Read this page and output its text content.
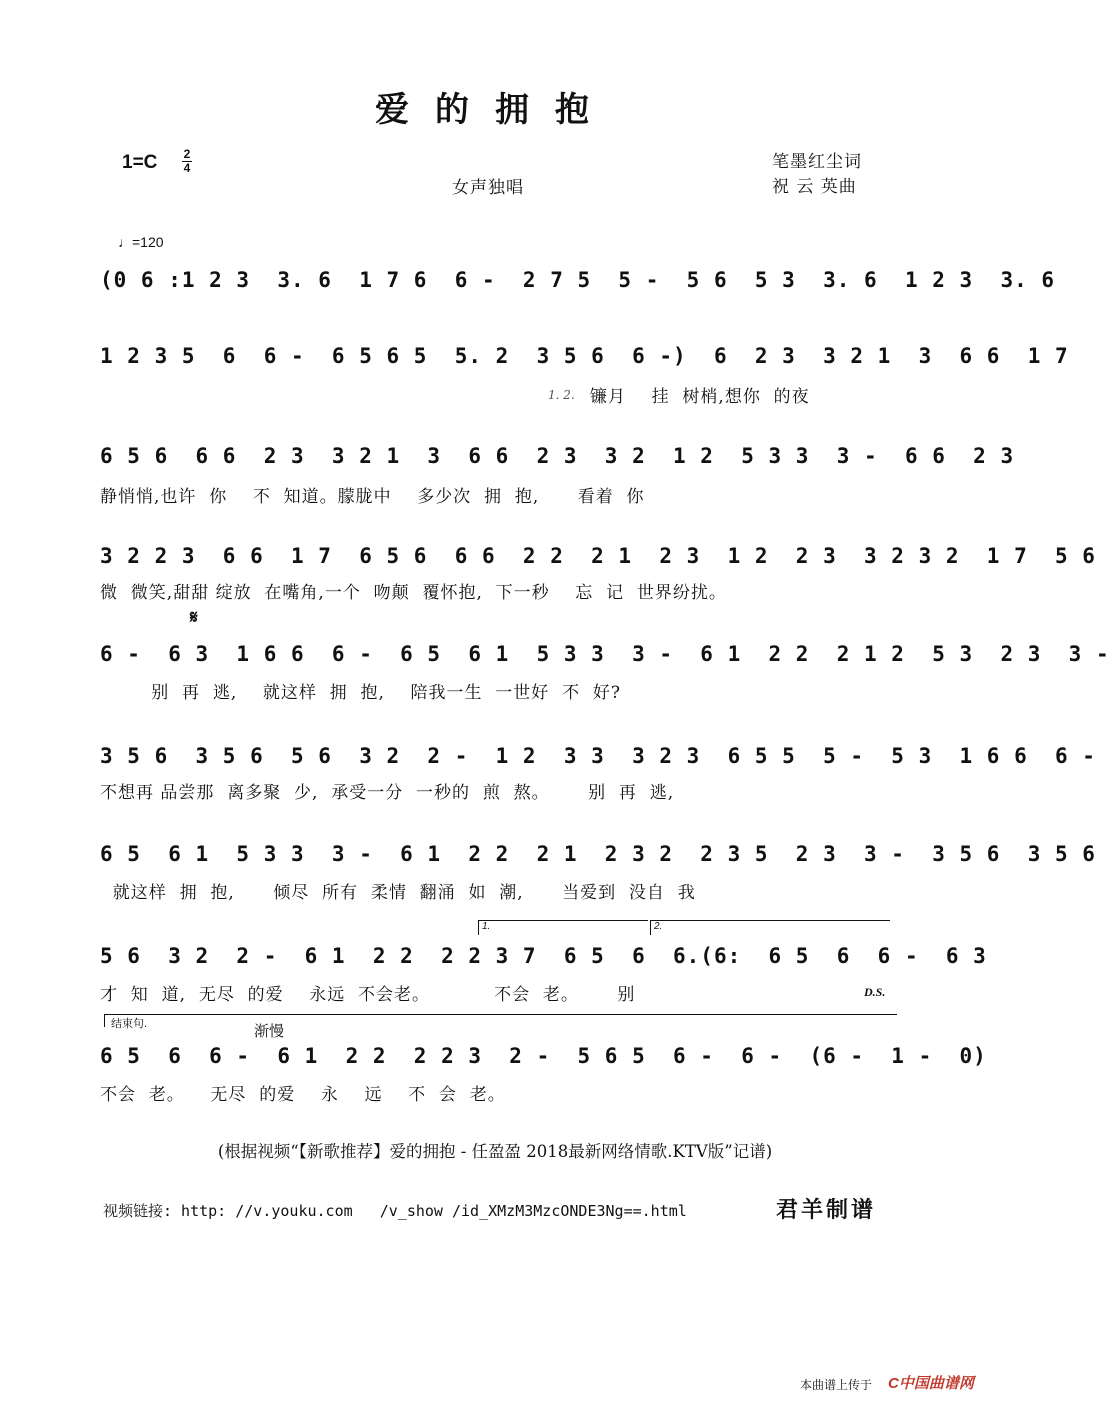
爱的拥抱
1=C 2
4	笔墨红尘词
祝 云 英曲
女声独唱
♩=120
(0 6 :1 2 3  3. 6  1 7 6  6 -  2 7 5  5 -  5 6  5 3  3. 6  1 2 3  3. 6
1 2 3 5  6  6 -  6 5 6 5  5. 2  3 5 6  6 -)  6  2 3  3 2 1  3  6 6  1 7
1. 2. 镰月    挂  树梢,想你  的夜
6 5 6  6 6  2 3  3 2 1  3  6 6  2 3  3 2  1 2  5 3 3  3 -  6 6  2 3
静悄悄,也许  你    不  知道。朦胧中    多少次  拥  抱,      看着  你
3 2 2 3  6 6  1 7  6 5 6  6 6  2 2  2 1  2 3  1 2  2 3  3 2 3 2  1 7  5 6
微  微笑,甜甜 绽放  在嘴角,一个  吻颠  覆怀抱,  下一秒    忘  记  世界纷扰。
𝄋
6 -  6 3  1 6 6  6 -  6 5  6 1  5 3 3  3 -  6 1  2 2  2 1 2  5 3  2 3  3 -
别  再  逃,    就这样  拥  抱,    陪我一生  一世好  不  好?
3 5 6  3 5 6  5 6  3 2  2 -  1 2  3 3  3 2 3  6 5 5  5 -  5 3  1 6 6  6 -
不想再 品尝那  离多聚  少,  承受一分  一秒的  煎  熬。      别  再  逃,
6 5  6 1  5 3 3  3 -  6 1  2 2  2 1  2 3 2  2 3 5  2 3  3 -  3 5 6  3 5 6
就这样  拥  抱,      倾尽  所有  柔情  翻涌  如  潮,      当爱到  没自  我
1.	2.
5 6  3 2  2 -  6 1  2 2  2 2 3 7  6 5  6  6.(6:  6 5  6  6 -  6 3
D.S.
才  知  道,  无尽  的爱    永远  不会老。          不会  老。      别
结束句.	渐慢
6 5  6  6 -  6 1  2 2  2 2 3  2 -  5 6 5  6 -  6 -  (6 -  1 -  0)
不会  老。    无尽  的爱    永    远    不  会  老。
(根据视频“【新歌推荐】爱的拥抱 - 任盈盈 2018最新网络情歌.KTV版”记谱)
视频链接: http: //v.youku.com   /v_show /id_XMzM3MzcONDE3Ng==.html	君羊制谱
本曲谱上传于 C中国曲谱网
